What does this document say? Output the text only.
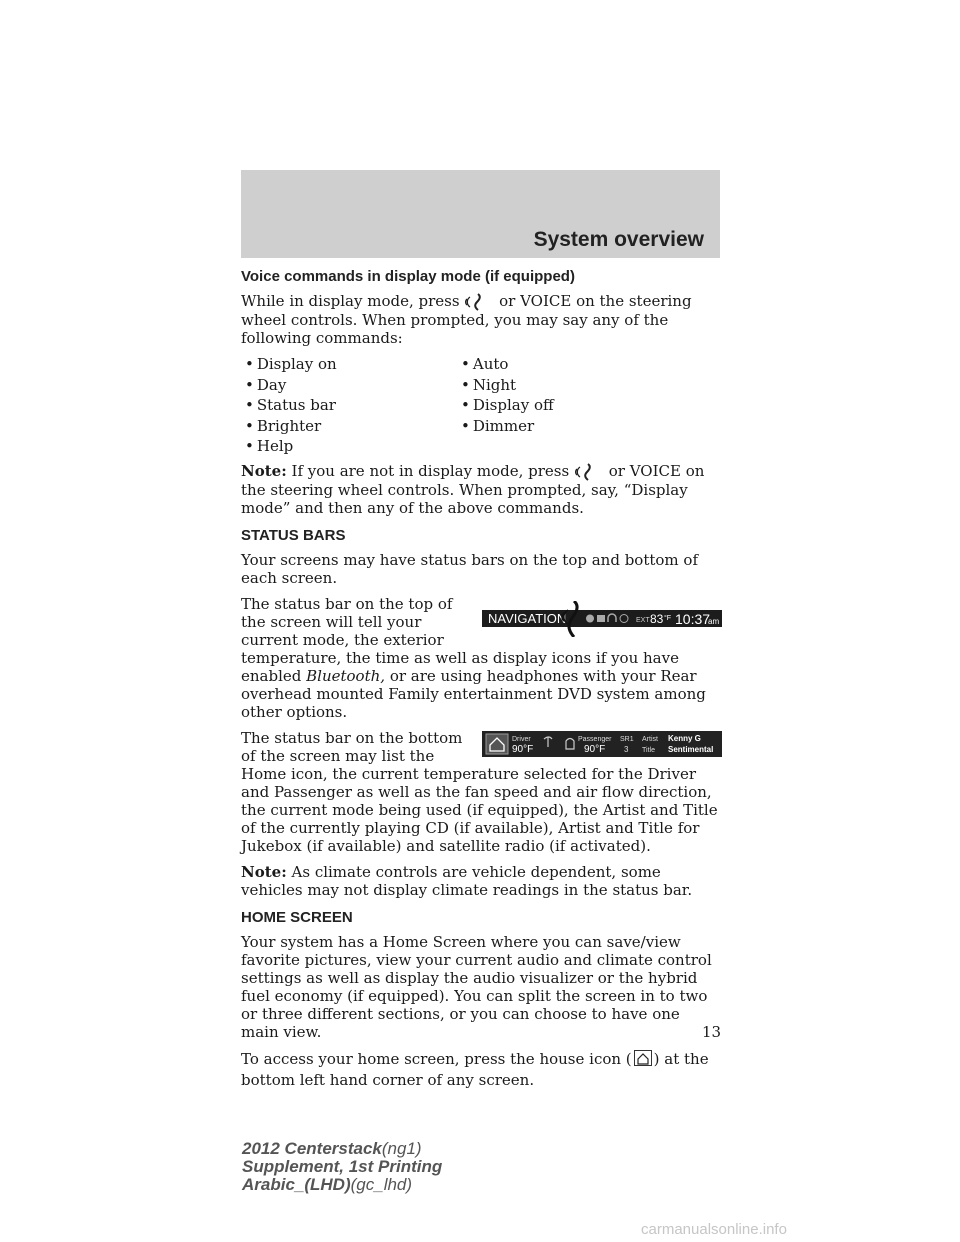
System overview
Voice commands in display mode (if equipped)

While in display mode, press	or VOICE on the steering wheel controls. When prompted, you may say any of the following commands:

• Display on	• Auto
• Day	• Night
• Status bar	• Display off
• Brighter	• Dimmer
• Help

Note: If you are not in display mode, press	or VOICE on the steering wheel controls. When prompted, say, “Display mode” and then any of the above commands.

STATUS BARS

Your screens may have status bars on the top and bottom of each screen.

NAVIGATION	EXT 83 °F 10:37
am
The status bar on the top of the screen will tell your current mode, the exterior temperature, the time as well as display icons if you have enabled Bluetooth, or are using headphones with your Rear overhead mounted Family entertainment DVD system among other options.

Driver
90°F
Passenger
90°F
SR1
3
Artist
Title
Kenny G
Sentimental
The status bar on the bottom of the screen may list the Home icon, the current temperature selected for the Driver and Passenger as well as the fan speed and air flow direction, the current mode being used (if equipped), the Artist and Title of the currently playing CD (if available), Artist and Title for Jukebox (if available) and satellite radio (if activated).

Note: As climate controls are vehicle dependent, some vehicles may not display climate readings in the status bar.

HOME SCREEN

Your system has a Home Screen where you can save/view favorite pictures, view your current audio and climate control settings as well as display the audio visualizer or the hybrid fuel economy (if equipped). You can split the screen in to two or three different sections, or you can choose to have one main view.

To access your home screen, press the house icon ( ) at the bottom left hand corner of any screen.

13
2012 Centerstack(ng1)
Supplement, 1st Printing
Arabic_(LHD)(gc_lhd)
carmanualsonline.info
